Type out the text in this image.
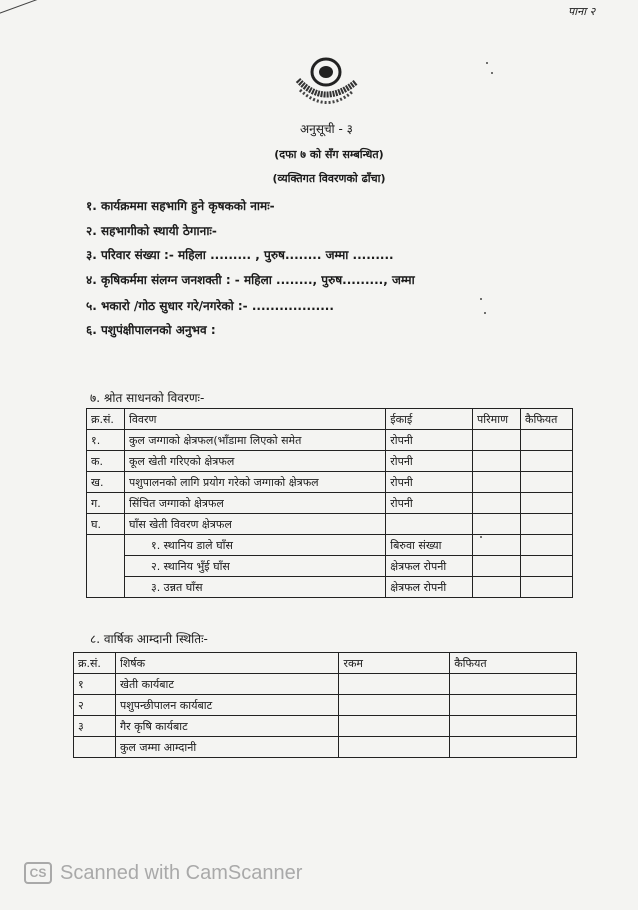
पाना २
अनुसूची - ३
(दफा ७ को सँग सम्बन्धित)
(व्यक्तिगत विवरणको ढाँचा)
१. कार्यक्रममा सहभागि हुने कृषकको नामः-
२. सहभागीको स्थायी ठेगानाः-
३. परिवार संख्या :- महिला ......... , पुरुष........ जम्मा .........
४. कृषिकर्ममा संलग्न जनशक्ती : - महिला ........, पुरुष........., जम्मा
५. भकारो /गोठ सुधार गरे/नगरेको :- ..................
६. पशुपंक्षीपालनको अनुभव :
७. श्रोत साधनको विवरणः-
क्र.सं.	विवरण	ईकाई	परिमाण	कैफियत
१.	कुल जग्गाको क्षेत्रफल(भाँडामा लिएको समेत	रोपनी		
क.	कूल खेती गरिएको क्षेत्रफल	रोपनी		
ख.	पशुपालनको लागि प्रयोग गरेको जग्गाको क्षेत्रफल	रोपनी		
ग.	सिंचित जग्गाको क्षेत्रफल	रोपनी		
घ.	घाँस खेती विवरण क्षेत्रफल			
	१. स्थानिय डाले घाँस	बिरुवा संख्या		
	२. स्थानिय भुँई घाँस	क्षेत्रफल रोपनी		
	३. उन्नत घाँस	क्षेत्रफल रोपनी		
८. वार्षिक आम्दानी स्थितिः-
क्र.सं.	शिर्षक	रकम	कैफियत
१	खेती कार्यबाट		
२	पशुपन्छीपालन कार्यबाट		
३	गैर कृषि कार्यबाट		
	कुल जम्मा आम्दानी		
CS Scanned with CamScanner
